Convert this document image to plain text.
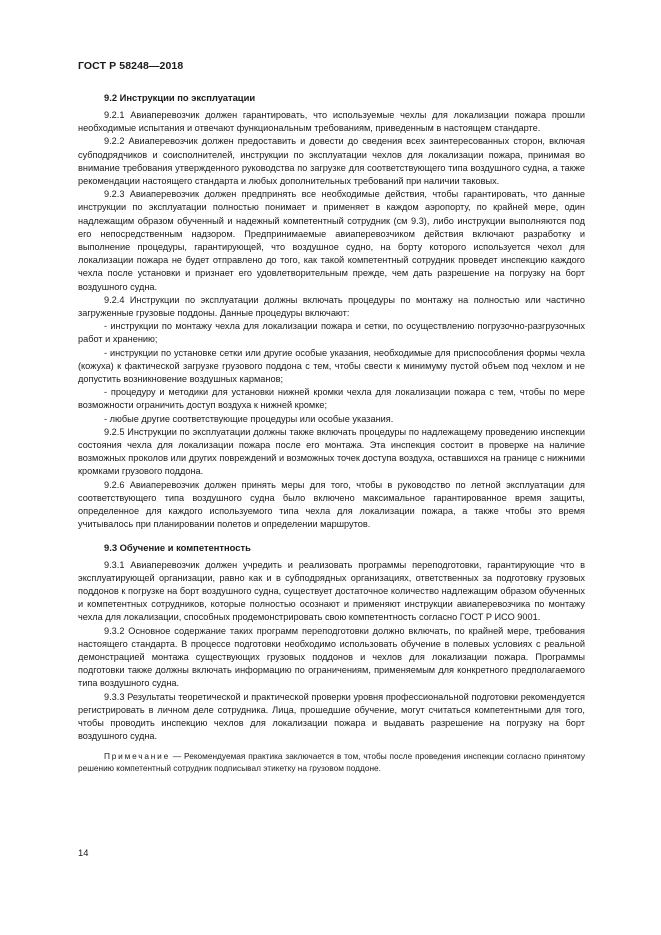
ГОСТ Р 58248—2018
9.2 Инструкции по эксплуатации

9.2.1 Авиаперевозчик должен гарантировать, что используемые чехлы для локализации пожара прошли необходимые испытания и отвечают функциональным требованиям, приведенным в настоящем стандарте.

9.2.2 Авиаперевозчик должен предоставить и довести до сведения всех заинтересованных сторон, включая субподрядчиков и соисполнителей, инструкции по эксплуатации чехлов для локализации пожара, принимая во внимание требования утвержденного руководства по загрузке для соответствующего типа воздушного судна, а также рекомендации настоящего стандарта и любых дополнительных требований при наличии таковых.

9.2.3 Авиаперевозчик должен предпринять все необходимые действия, чтобы гарантировать, что данные инструкции по эксплуатации полностью понимает и применяет в каждом аэропорту, по крайней мере, один надлежащим образом обученный и надежный компетентный сотрудник (см 9.3), либо инструкции выполняются под его непосредственным надзором. Предпринимаемые авиаперевозчиком действия включают разработку и выполнение процедуры, гарантирующей, что воздушное судно, на борту которого используется чехол для локализации пожара не будет отправлено до того, как такой компетентный сотрудник проведет инспекцию каждого чехла после установки и признает его удовлетворительным прежде, чем дать разрешение на погрузку на борт воздушного судна.

9.2.4 Инструкции по эксплуатации должны включать процедуры по монтажу на полностью или частично загруженные грузовые поддоны. Данные процедуры включают:

- инструкции по монтажу чехла для локализации пожара и сетки, по осуществлению погрузочно-разгрузочных работ и хранению;

- инструкции по установке сетки или другие особые указания, необходимые для приспособления формы чехла (кожуха) к фактической загрузке грузового поддона с тем, чтобы свести к минимуму пустой объем под чехлом и не допустить возникновение воздушных карманов;

- процедуру и методики для установки нижней кромки чехла для локализации пожара с тем, чтобы по мере возможности ограничить доступ воздуха к нижней кромке;

- любые другие соответствующие процедуры или особые указания.

9.2.5 Инструкции по эксплуатации должны также включать процедуры по надлежащему проведению инспекции состояния чехла для локализации пожара после его монтажа. Эта инспекция состоит в проверке на наличие возможных проколов или других повреждений и возможных точек доступа воздуха, оставшихся на границе с нижними кромками грузового поддона.

9.2.6 Авиаперевозчик должен принять меры для того, чтобы в руководство по летной эксплуатации для соответствующего типа воздушного судна было включено максимальное гарантированное время защиты, определенное для каждого используемого типа чехла для локализации пожара, а также чтобы это время учитывалось при планировании полетов и определении маршрутов.

9.3 Обучение и компетентность

9.3.1 Авиаперевозчик должен учредить и реализовать программы переподготовки, гарантирующие что в эксплуатирующей организации, равно как и в субподрядных организациях, ответственных за подготовку грузовых поддонов к погрузке на борт воздушного судна, существует достаточное количество надлежащим образом обученных и компетентных сотрудников, которые полностью осознают и применяют инструкции авиаперевозчика по монтажу чехла для локализации, способных продемонстрировать свою компетентность согласно ГОСТ Р ИСО 9001.

9.3.2 Основное содержание таких программ переподготовки должно включать, по крайней мере, требования настоящего стандарта. В процессе подготовки необходимо использовать обучение в полевых условиях с реальной демонстрацией монтажа существующих грузовых поддонов и чехлов для локализации пожара. Программы подготовки также должны включать информацию по ограничениям, применяемым для конкретного предполагаемого типа воздушного судна.

9.3.3 Результаты теоретической и практической проверки уровня профессиональной подготовки рекомендуется регистрировать в личном деле сотрудника. Лица, прошедшие обучение, могут считаться компетентными для того, чтобы проводить инспекцию чехлов для локализации пожара и выдавать разрешение на погрузку на борт воздушного судна.

Примечание — Рекомендуемая практика заключается в том, чтобы после проведения инспекции согласно принятому решению компетентный сотрудник подписывал этикетку на грузовом поддоне.

14
